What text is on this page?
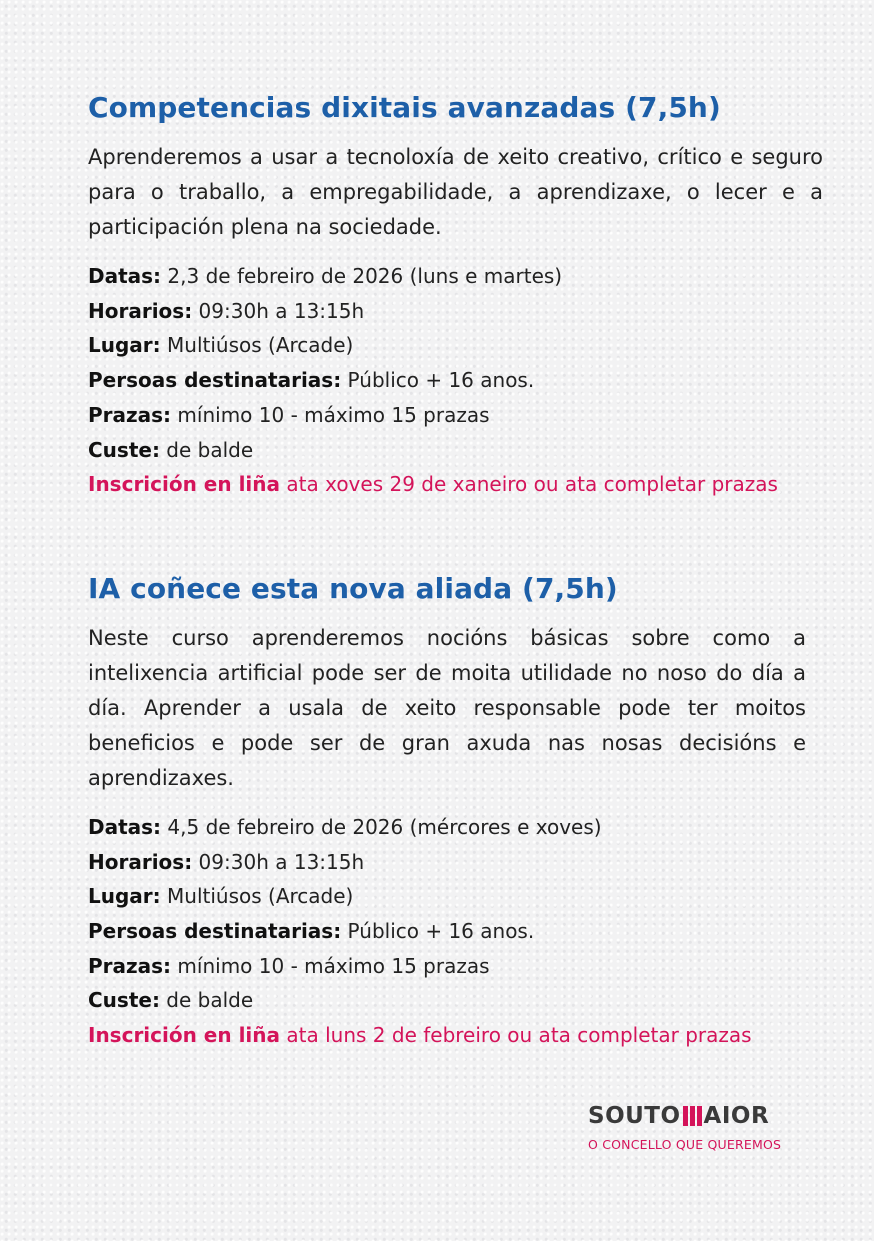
Competencias dixitais avanzadas (7,5h)

Aprenderemos a usar a tecnoloxía de xeito creativo, crítico e seguro para o traballo, a empregabilidade, a aprendizaxe, o lecer e a participación plena na sociedade.

Datas: 2,3 de febreiro de 2026 (luns e martes)
Horarios: 09:30h a 13:15h
Lugar: Multiúsos (Arcade)
Persoas destinatarias: Público + 16 anos.
Prazas: mínimo 10 - máximo 15 prazas
Custe: de balde
Inscrición en liña ata xoves 29 de xaneiro ou ata completar prazas
IA coñece esta nova aliada (7,5h)

Neste curso aprenderemos nocións básicas sobre como a intelixencia artificial pode ser de moita utilidade no noso do día a día. Aprender a usala de xeito responsable pode ter moitos beneficios e pode ser de gran axuda nas nosas decisións e aprendizaxes.

Datas: 4,5 de febreiro de 2026 (mércores e xoves)
Horarios: 09:30h a 13:15h
Lugar: Multiúsos (Arcade)
Persoas destinatarias: Público + 16 anos.
Prazas: mínimo 10 - máximo 15 prazas
Custe: de balde
Inscrición en liña ata luns 2 de febreiro ou ata completar prazas
SOUTO AIOR
O CONCELLO QUE QUEREMOS
